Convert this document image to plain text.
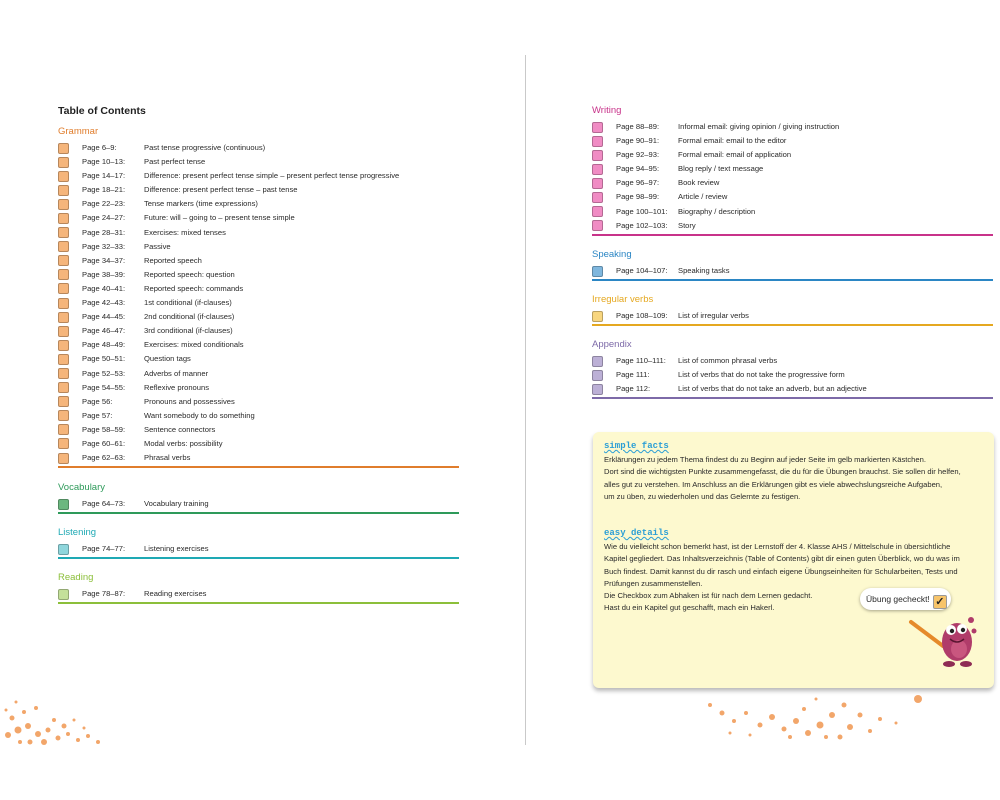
Table of Contents
Grammar
Page 6–9:	Past tense progressive (continuous)
Page 10–13: Past perfect tense
Page 14–17: Difference: present perfect tense simple – present perfect tense progressive
Page 18–21: Difference: present perfect tense – past tense
Page 22–23: Tense markers (time expressions)
Page 24–27: Future: will – going to – present tense simple
Page 28–31: Exercises: mixed tenses
Page 32–33: Passive
Page 34–37: Reported speech
Page 38–39: Reported speech: question
Page 40–41: Reported speech: commands
Page 42–43: 1st conditional (if-clauses)
Page 44–45: 2nd conditional (if-clauses)
Page 46–47: 3rd conditional (if-clauses)
Page 48–49: Exercises: mixed conditionals
Page 50–51: Question tags
Page 52–53: Adverbs of manner
Page 54–55: Reflexive pronouns
Page 56:	Pronouns and possessives
Page 57:	Want somebody to do something
Page 58–59: Sentence connectors
Page 60–61: Modal verbs: possibility
Page 62–63: Phrasal verbs
Vocabulary
Page 64–73: Vocabulary training
Listening
Page 74–77: Listening exercises
Reading
Page 78–87: Reading exercises
Writing
Page 88–89: Informal email: giving opinion / giving instruction
Page 90–91: Formal email: email to the editor
Page 92–93: Formal email: email of application
Page 94–95: Blog reply / text message
Page 96–97: Book review
Page 98–99: Article / review
Page 100–101: Biography / description
Page 102–103: Story
Speaking
Page 104–107: Speaking tasks
Irregular verbs
Page 108–109: List of irregular verbs
Appendix
Page 110–111: List of common phrasal verbs
Page 111:	List of verbs that do not take the progressive form
Page 112:	List of verbs that do not take an adverb, but an adjective
simple facts
Erklärungen zu jedem Thema findest du zu Beginn auf jeder Seite im gelb markierten Kästchen.
Dort sind die wichtigsten Punkte zusammengefasst, die du für die Übungen brauchst. Sie sollen dir helfen,
alles gut zu verstehen. Im Anschluss an die Erklärungen gibt es viele abwechslungsreiche Aufgaben,
um zu üben, zu wiederholen und das Gelernte zu festigen.
easy details
Wie du vielleicht schon bemerkt hast, ist der Lernstoff der 4. Klasse AHS / Mittelschule in übersichtliche
Kapitel gegliedert. Das Inhaltsverzeichnis (Table of Contents) gibt dir einen guten Überblick, wo du was im
Buch findest. Damit kannst du dir rasch und einfach eigene Übungseinheiten für Schularbeiten, Tests und
Prüfungen zusammenstellen.
Die Checkbox zum Abhaken ist für nach dem Lernen gedacht.
Hast du ein Kapitel gut geschafft, mach ein Hakerl.
Übung gecheckt! ✓
